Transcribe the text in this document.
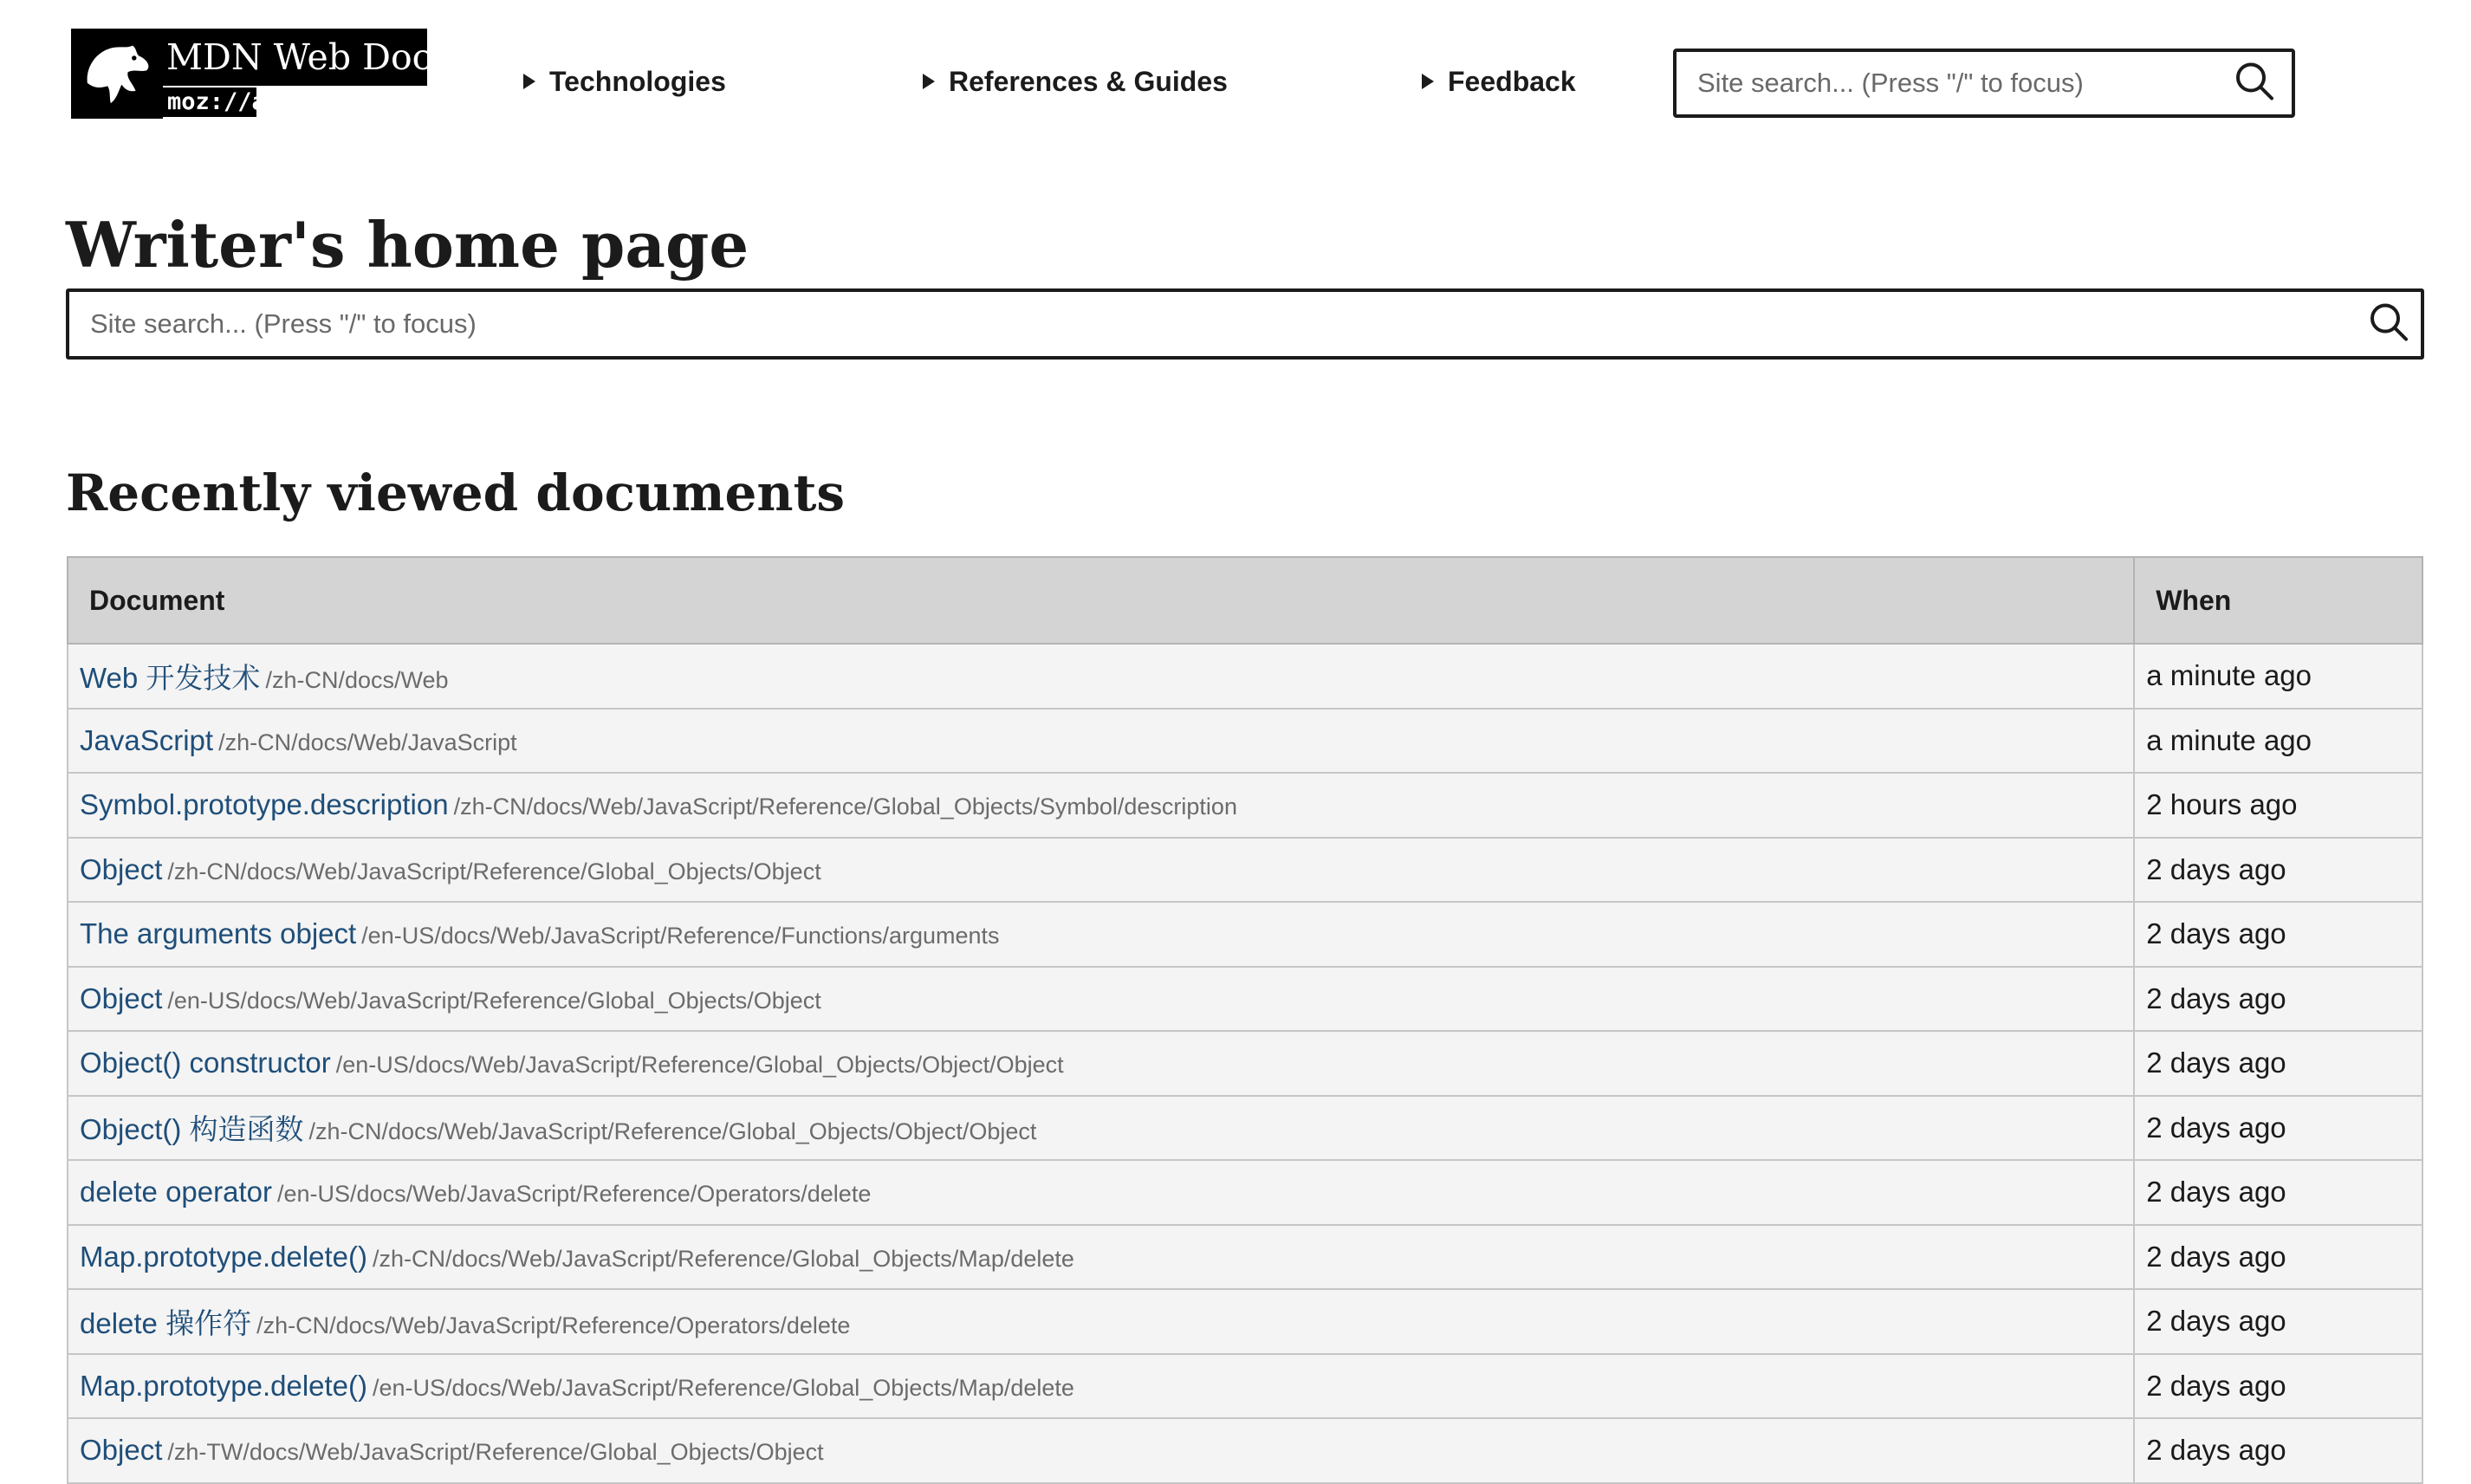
MDN Web Docs
moz://a
Technologies	References & Guides	Feedback
Site search... (Press "/" to focus)
Writer's home page
Site search... (Press "/" to focus)
Recently viewed documents
Document	When
Web 开发技术 /zh-CN/docs/Web	a minute ago
JavaScript /zh-CN/docs/Web/JavaScript	a minute ago
Symbol.prototype.description /zh-CN/docs/Web/JavaScript/Reference/Global_Objects/Symbol/description	2 hours ago
Object /zh-CN/docs/Web/JavaScript/Reference/Global_Objects/Object	2 days ago
The arguments object /en-US/docs/Web/JavaScript/Reference/Functions/arguments	2 days ago
Object /en-US/docs/Web/JavaScript/Reference/Global_Objects/Object	2 days ago
Object() constructor /en-US/docs/Web/JavaScript/Reference/Global_Objects/Object/Object	2 days ago
Object() 构造函数 /zh-CN/docs/Web/JavaScript/Reference/Global_Objects/Object/Object	2 days ago
delete operator /en-US/docs/Web/JavaScript/Reference/Operators/delete	2 days ago
Map.prototype.delete() /zh-CN/docs/Web/JavaScript/Reference/Global_Objects/Map/delete	2 days ago
delete 操作符 /zh-CN/docs/Web/JavaScript/Reference/Operators/delete	2 days ago
Map.prototype.delete() /en-US/docs/Web/JavaScript/Reference/Global_Objects/Map/delete	2 days ago
Object /zh-TW/docs/Web/JavaScript/Reference/Global_Objects/Object	2 days ago
